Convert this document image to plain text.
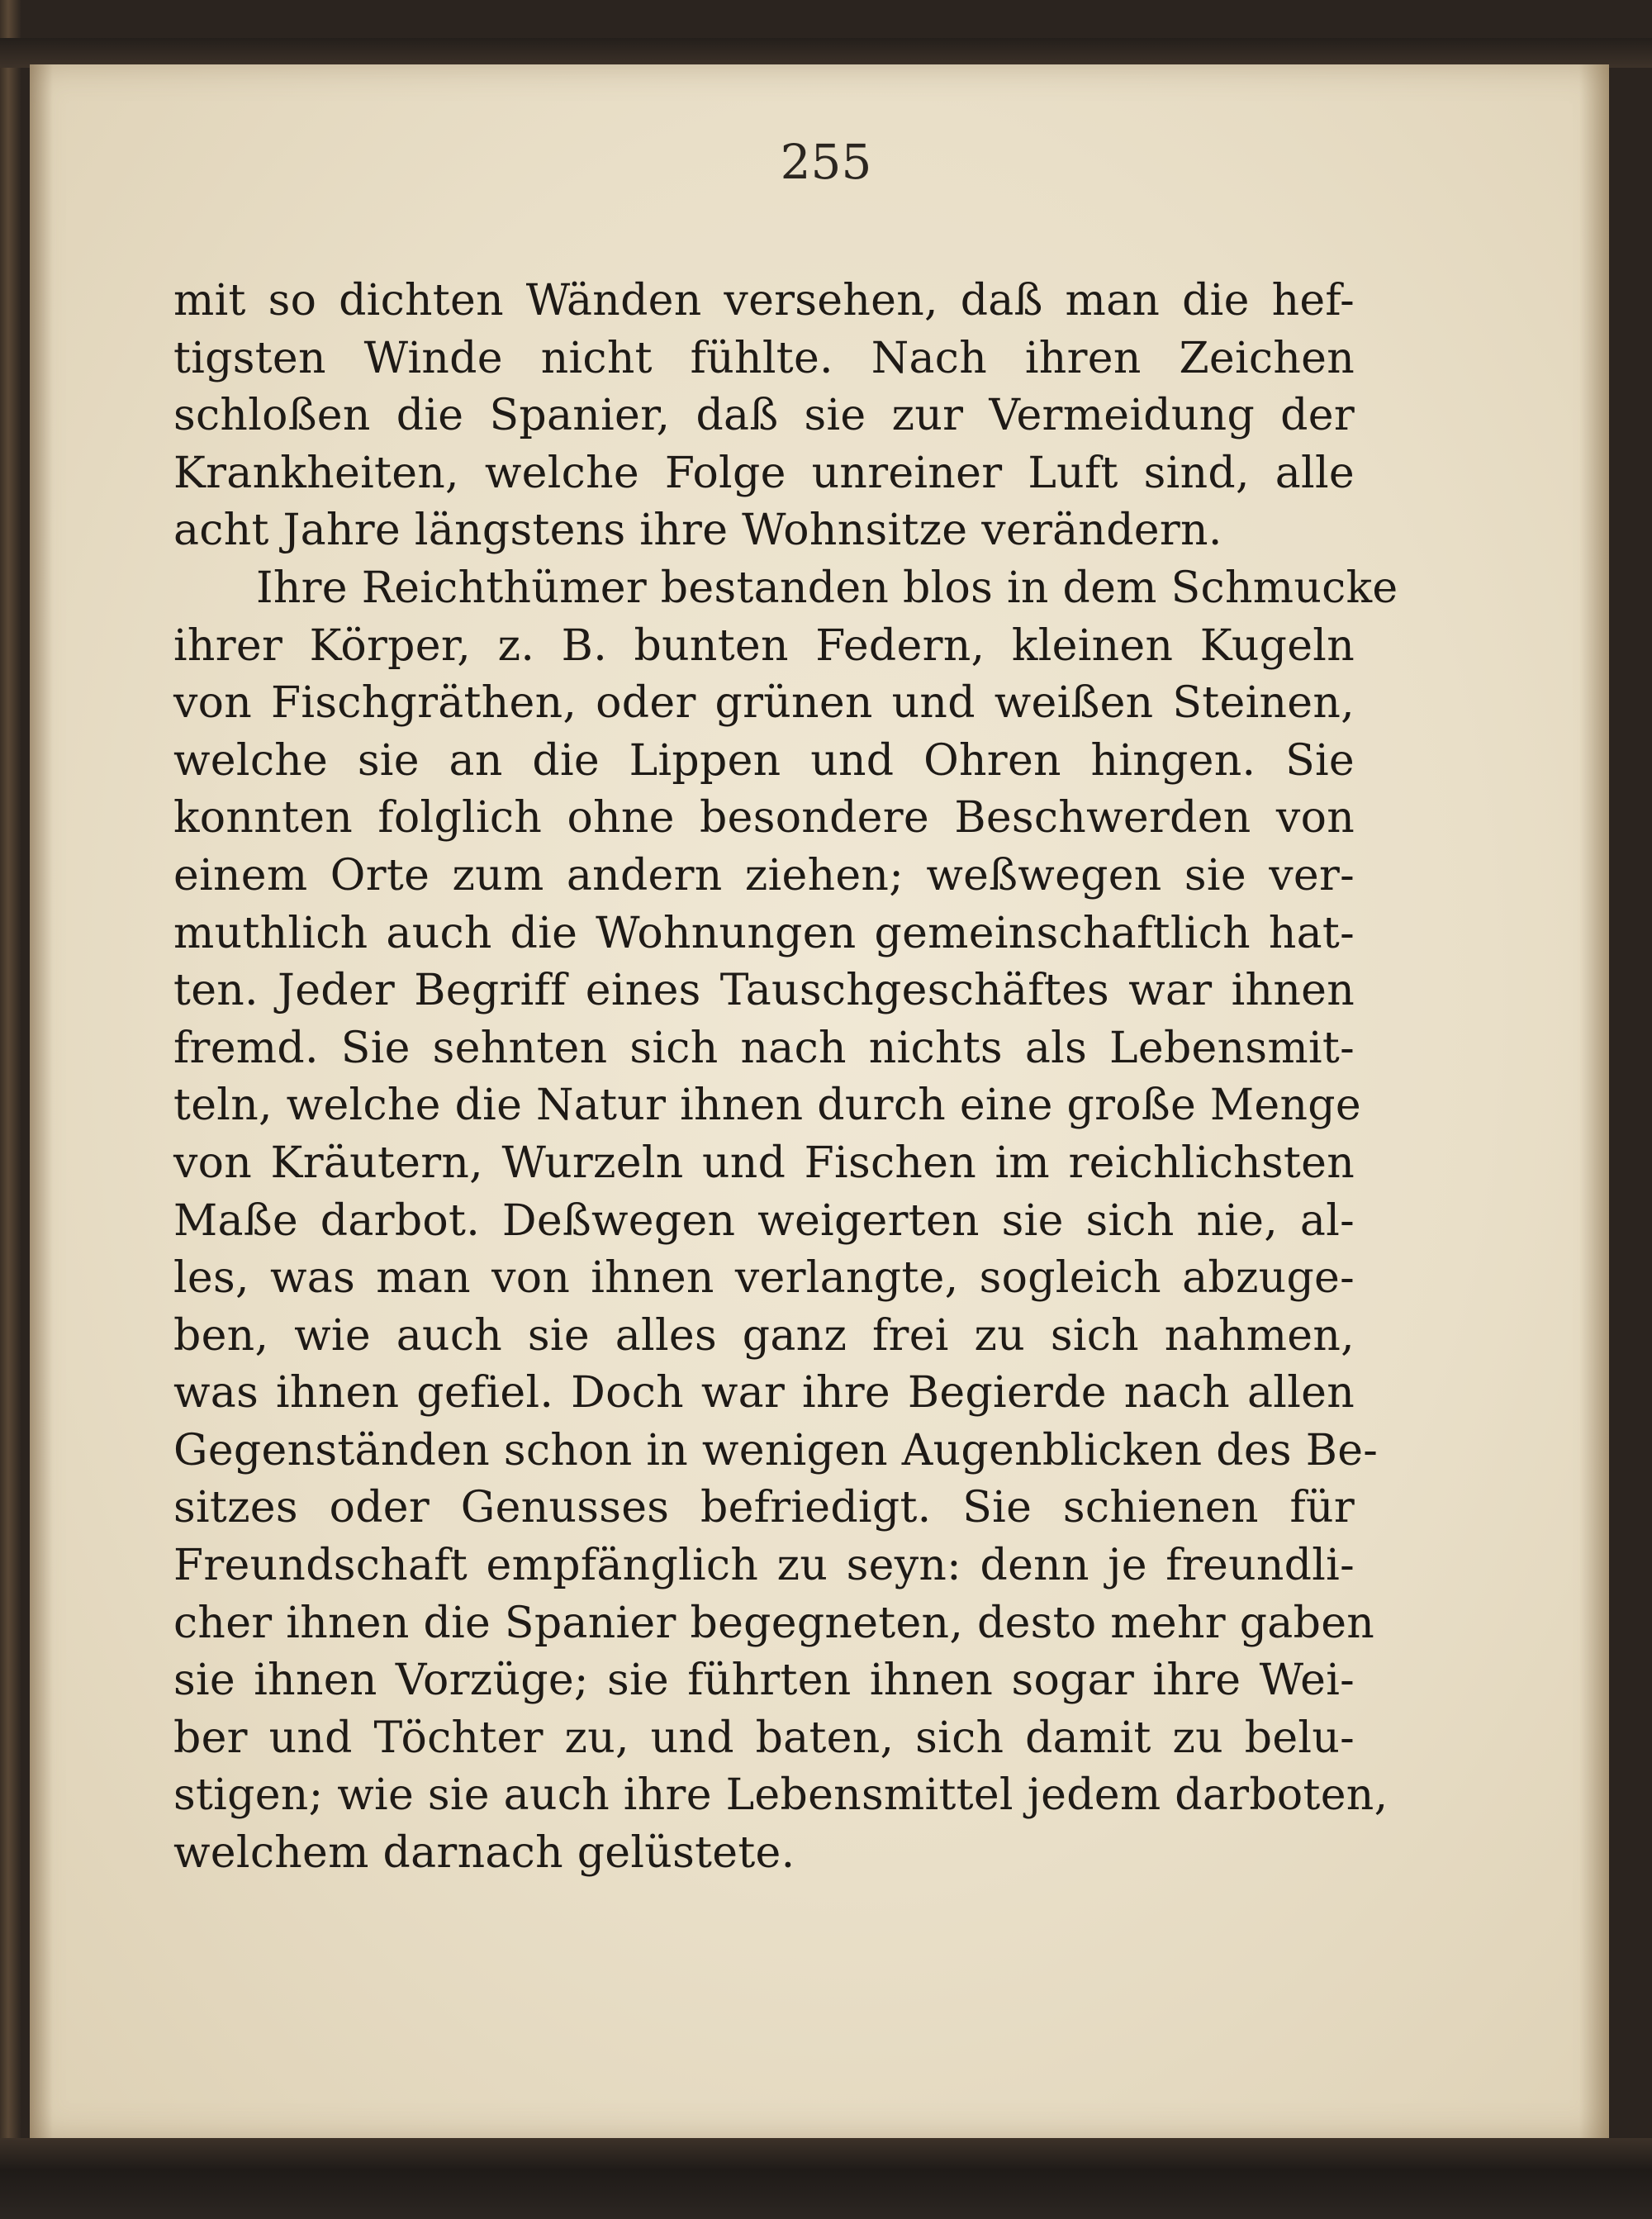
255
mit so dichten Wänden versehen, daß man die hef-
tigsten Winde nicht fühlte. Nach ihren Zeichen
schloßen die Spanier, daß sie zur Vermeidung der
Krankheiten, welche Folge unreiner Luft sind, alle
acht Jahre längstens ihre Wohnsitze verändern.
Ihre Reichthümer bestanden blos in dem Schmucke
ihrer Körper, z. B. bunten Federn, kleinen Kugeln
von Fischgräthen, oder grünen und weißen Steinen,
welche sie an die Lippen und Ohren hingen. Sie
konnten folglich ohne besondere Beschwerden von
einem Orte zum andern ziehen; weßwegen sie ver-
muthlich auch die Wohnungen gemeinschaftlich hat-
ten. Jeder Begriff eines Tauschgeschäftes war ihnen
fremd. Sie sehnten sich nach nichts als Lebensmit-
teln, welche die Natur ihnen durch eine große Menge
von Kräutern, Wurzeln und Fischen im reichlichsten
Maße darbot. Deßwegen weigerten sie sich nie, al-
les, was man von ihnen verlangte, sogleich abzuge-
ben, wie auch sie alles ganz frei zu sich nahmen,
was ihnen gefiel. Doch war ihre Begierde nach allen
Gegenständen schon in wenigen Augenblicken des Be-
sitzes oder Genusses befriedigt. Sie schienen für
Freundschaft empfänglich zu seyn: denn je freundli-
cher ihnen die Spanier begegneten, desto mehr gaben
sie ihnen Vorzüge; sie führten ihnen sogar ihre Wei-
ber und Töchter zu, und baten, sich damit zu belu-
stigen; wie sie auch ihre Lebensmittel jedem darboten,
welchem darnach gelüstete.
